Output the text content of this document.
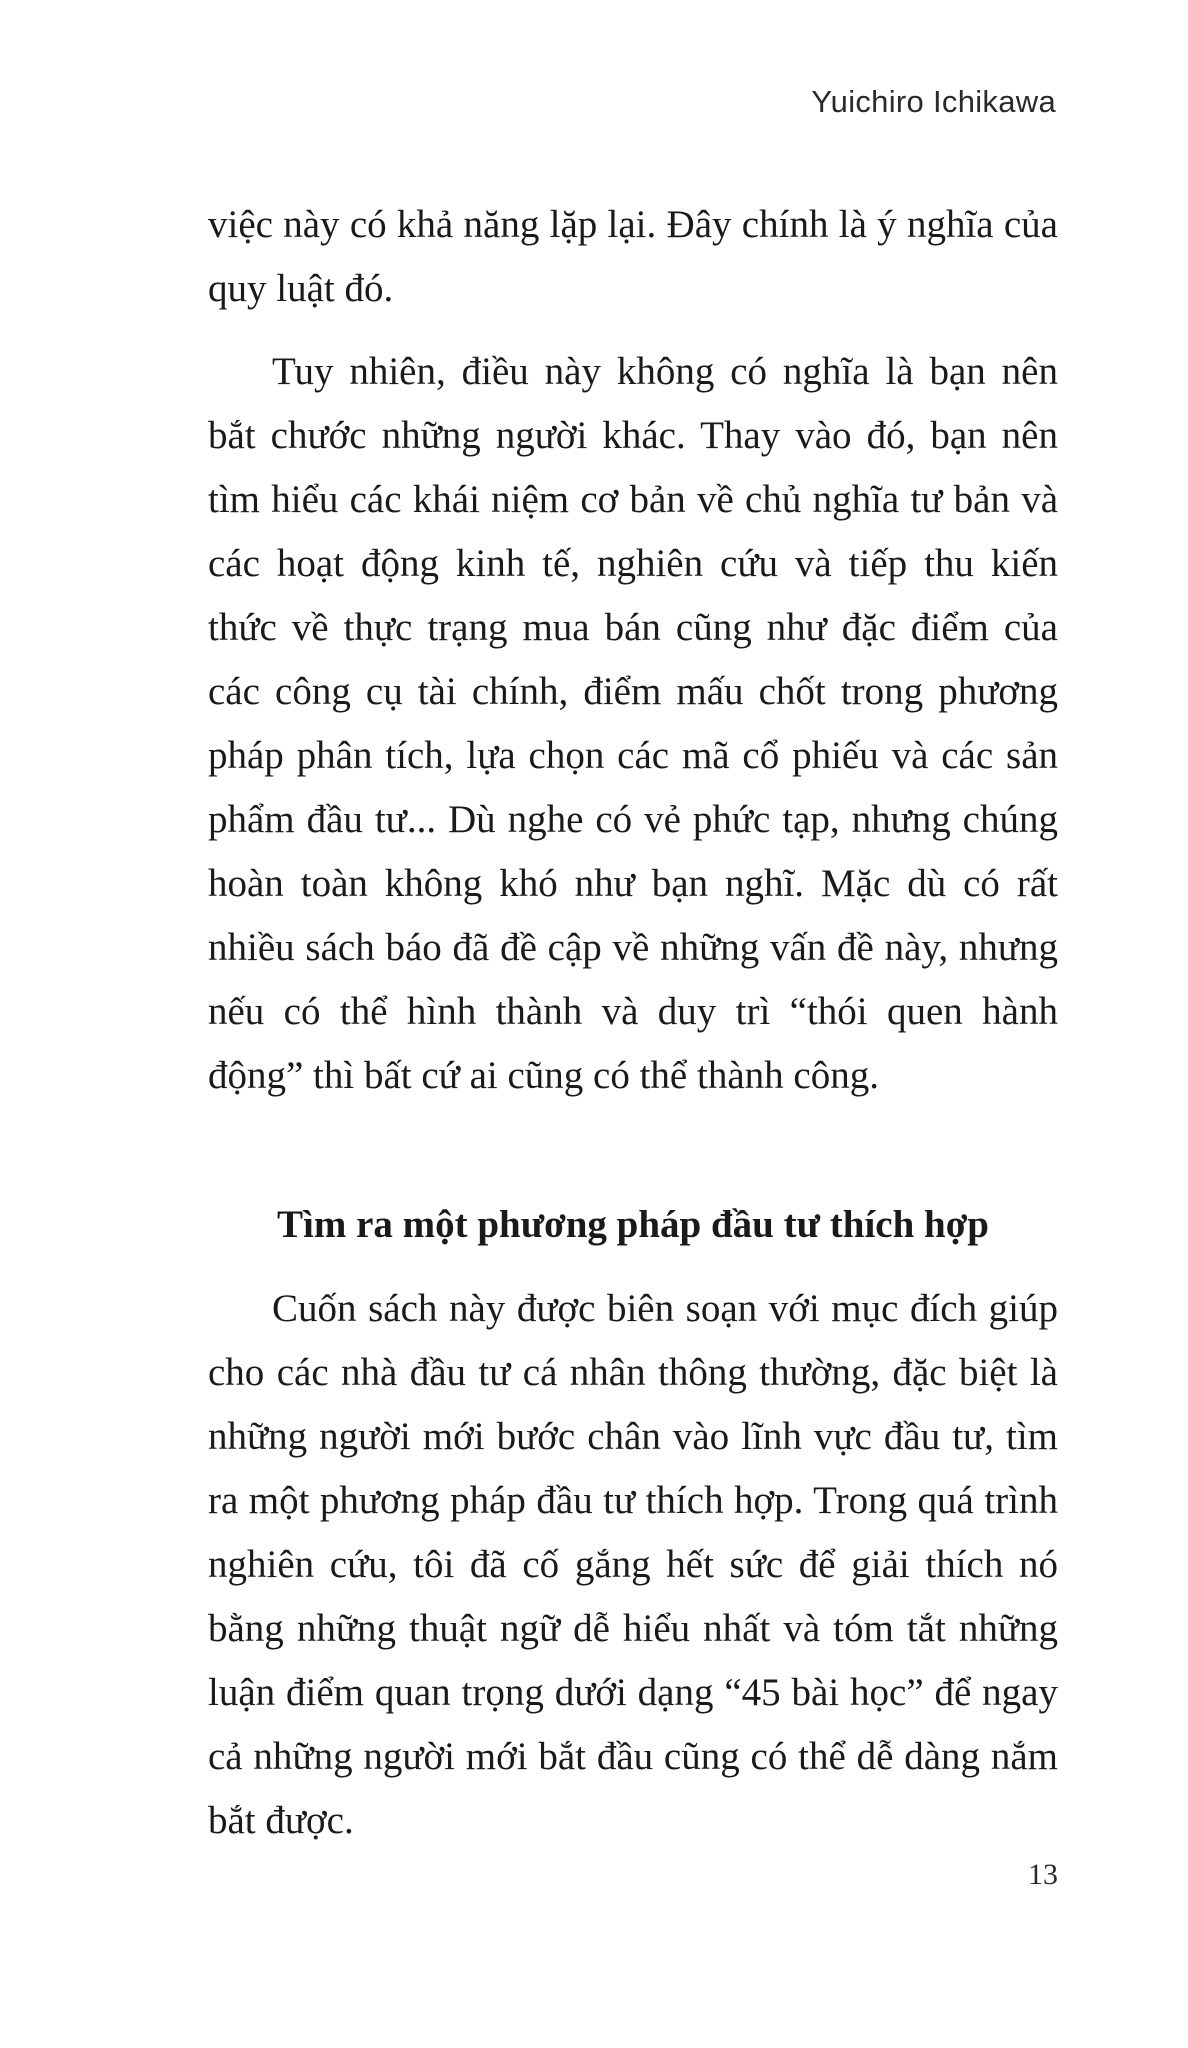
Yuichiro Ichikawa

việc này có khả năng lặp lại. Đây chính là ý nghĩa của quy luật đó.

Tuy nhiên, điều này không có nghĩa là bạn nên bắt chước những người khác. Thay vào đó, bạn nên tìm hiểu các khái niệm cơ bản về chủ nghĩa tư bản và các hoạt động kinh tế, nghiên cứu và tiếp thu kiến thức về thực trạng mua bán cũng như đặc điểm của các công cụ tài chính, điểm mấu chốt trong phương pháp phân tích, lựa chọn các mã cổ phiếu và các sản phẩm đầu tư... Dù nghe có vẻ phức tạp, nhưng chúng hoàn toàn không khó như bạn nghĩ. Mặc dù có rất nhiều sách báo đã đề cập về những vấn đề này, nhưng nếu có thể hình thành và duy trì “thói quen hành động” thì bất cứ ai cũng có thể thành công.

Tìm ra một phương pháp đầu tư thích hợp

Cuốn sách này được biên soạn với mục đích giúp cho các nhà đầu tư cá nhân thông thường, đặc biệt là những người mới bước chân vào lĩnh vực đầu tư, tìm ra một phương pháp đầu tư thích hợp. Trong quá trình nghiên cứu, tôi đã cố gắng hết sức để giải thích nó bằng những thuật ngữ dễ hiểu nhất và tóm tắt những luận điểm quan trọng dưới dạng “45 bài học” để ngay cả những người mới bắt đầu cũng có thể dễ dàng nắm bắt được.

13
